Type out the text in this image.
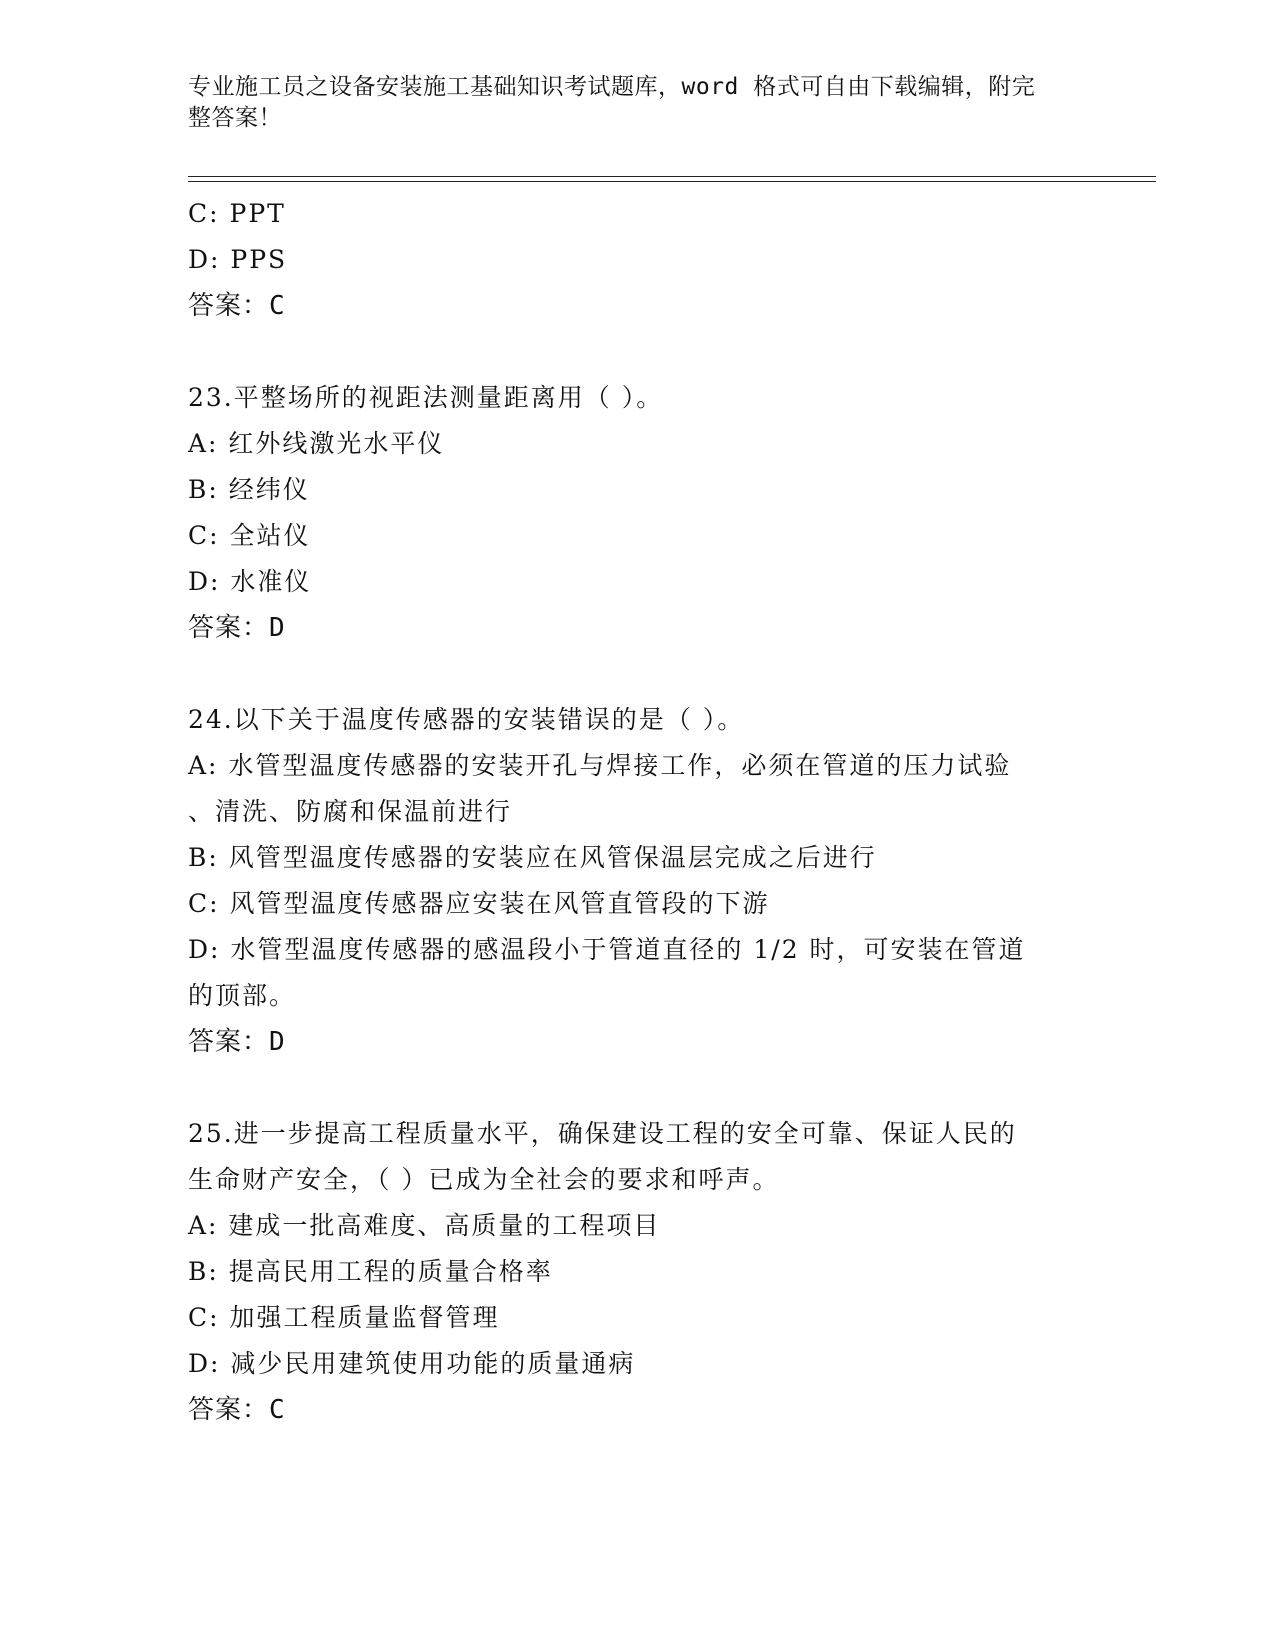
专业施工员之设备安装施工基础知识考试题库，word 格式可自由下载编辑，附完
整答案！
C: PPT
D: PPS
答案：C
23.平整场所的视距法测量距离用（ ）。
A: 红外线激光水平仪
B: 经纬仪
C: 全站仪
D: 水准仪
答案：D
24.以下关于温度传感器的安装错误的是（ ）。
A: 水管型温度传感器的安装开孔与焊接工作，必须在管道的压力试验
、清洗、防腐和保温前进行
B: 风管型温度传感器的安装应在风管保温层完成之后进行
C: 风管型温度传感器应安装在风管直管段的下游
D: 水管型温度传感器的感温段小于管道直径的 1/2 时，可安装在管道
的顶部。
答案：D
25.进一步提高工程质量水平，确保建设工程的安全可靠、保证人民的
生命财产安全，（ ）已成为全社会的要求和呼声。
A: 建成一批高难度、高质量的工程项目
B: 提高民用工程的质量合格率
C: 加强工程质量监督管理
D: 减少民用建筑使用功能的质量通病
答案：C
